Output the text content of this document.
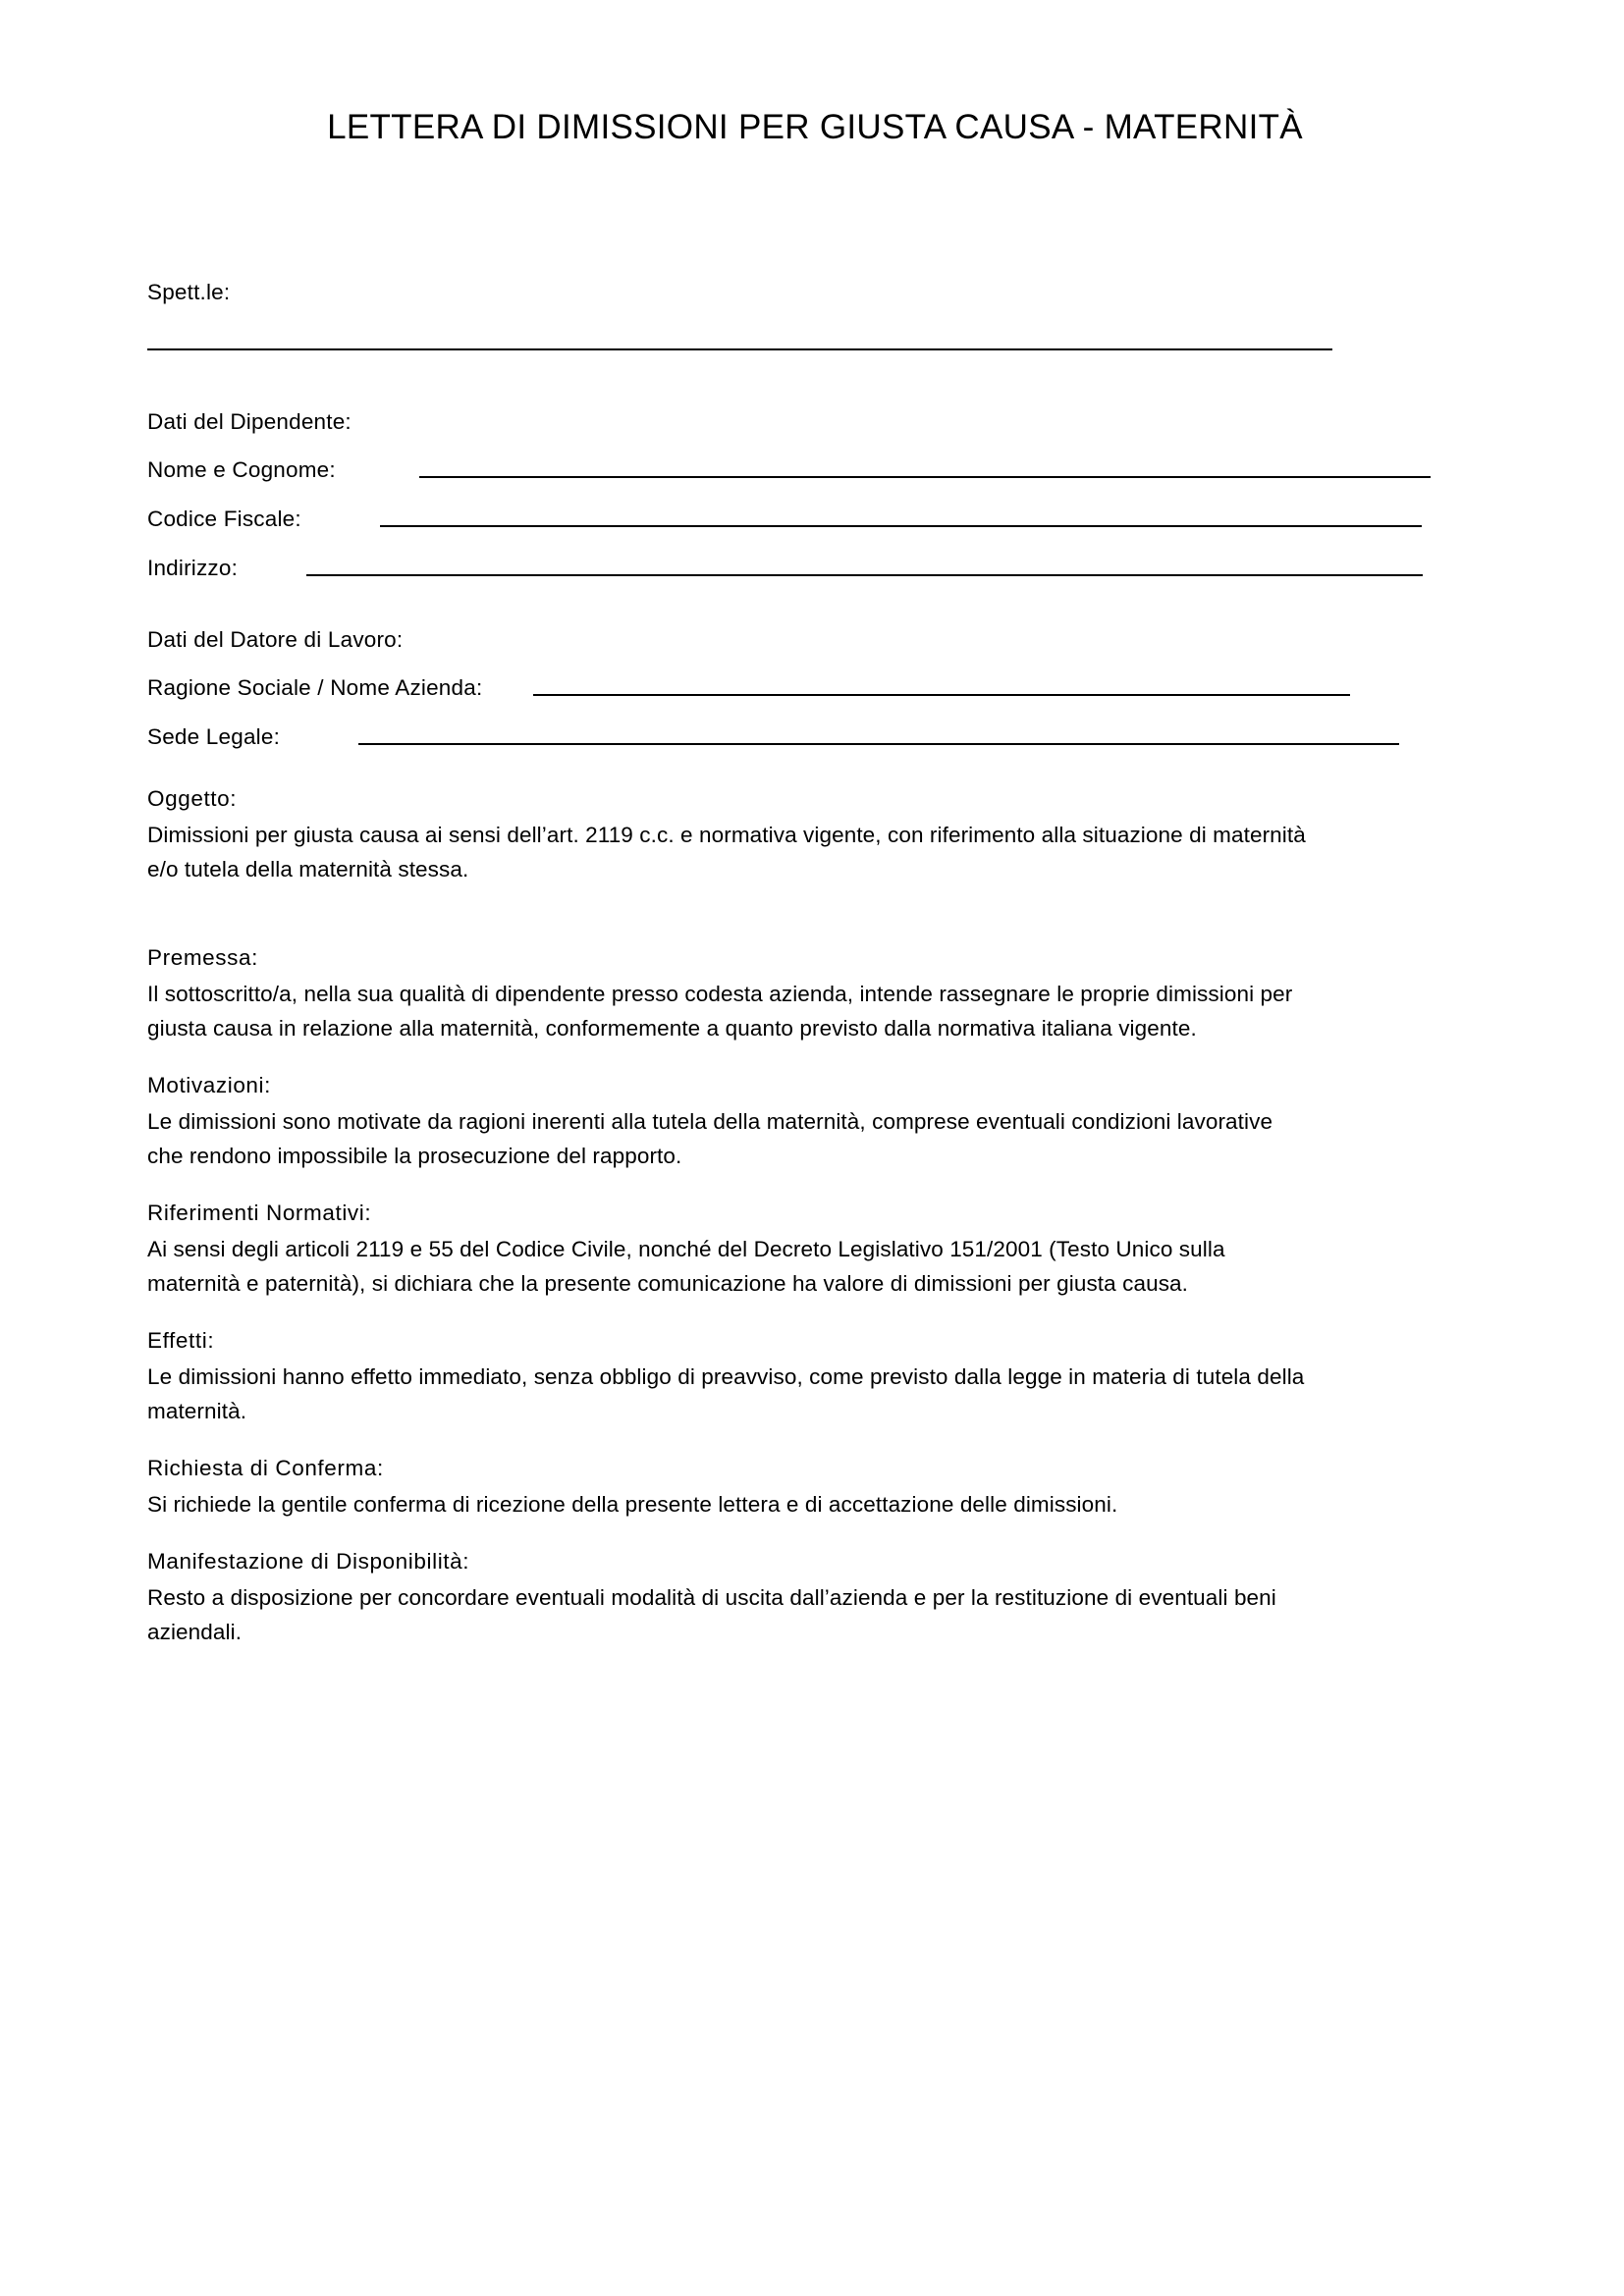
LETTERA DI DIMISSIONI PER GIUSTA CAUSA - MATERNITÀ
Spett.le:
Dati del Dipendente:
Nome e Cognome:
Codice Fiscale:
Indirizzo:
Dati del Datore di Lavoro:
Ragione Sociale / Nome Azienda:
Sede Legale:
Oggetto:
Dimissioni per giusta causa ai sensi dell’art. 2119 c.c. e normativa vigente, con riferimento alla situazione di maternità e/o tutela della maternità stessa.
Premessa:
Il sottoscritto/a, nella sua qualità di dipendente presso codesta azienda, intende rassegnare le proprie dimissioni per giusta causa in relazione alla maternità, conformemente a quanto previsto dalla normativa italiana vigente.
Motivazioni:
Le dimissioni sono motivate da ragioni inerenti alla tutela della maternità, comprese eventuali condizioni lavorative che rendono impossibile la prosecuzione del rapporto.
Riferimenti Normativi:
Ai sensi degli articoli 2119 e 55 del Codice Civile, nonché del Decreto Legislativo 151/2001 (Testo Unico sulla maternità e paternità), si dichiara che la presente comunicazione ha valore di dimissioni per giusta causa.
Effetti:
Le dimissioni hanno effetto immediato, senza obbligo di preavviso, come previsto dalla legge in materia di tutela della maternità.
Richiesta di Conferma:
Si richiede la gentile conferma di ricezione della presente lettera e di accettazione delle dimissioni.
Manifestazione di Disponibilità:
Resto a disposizione per concordare eventuali modalità di uscita dall’azienda e per la restituzione di eventuali beni aziendali.
